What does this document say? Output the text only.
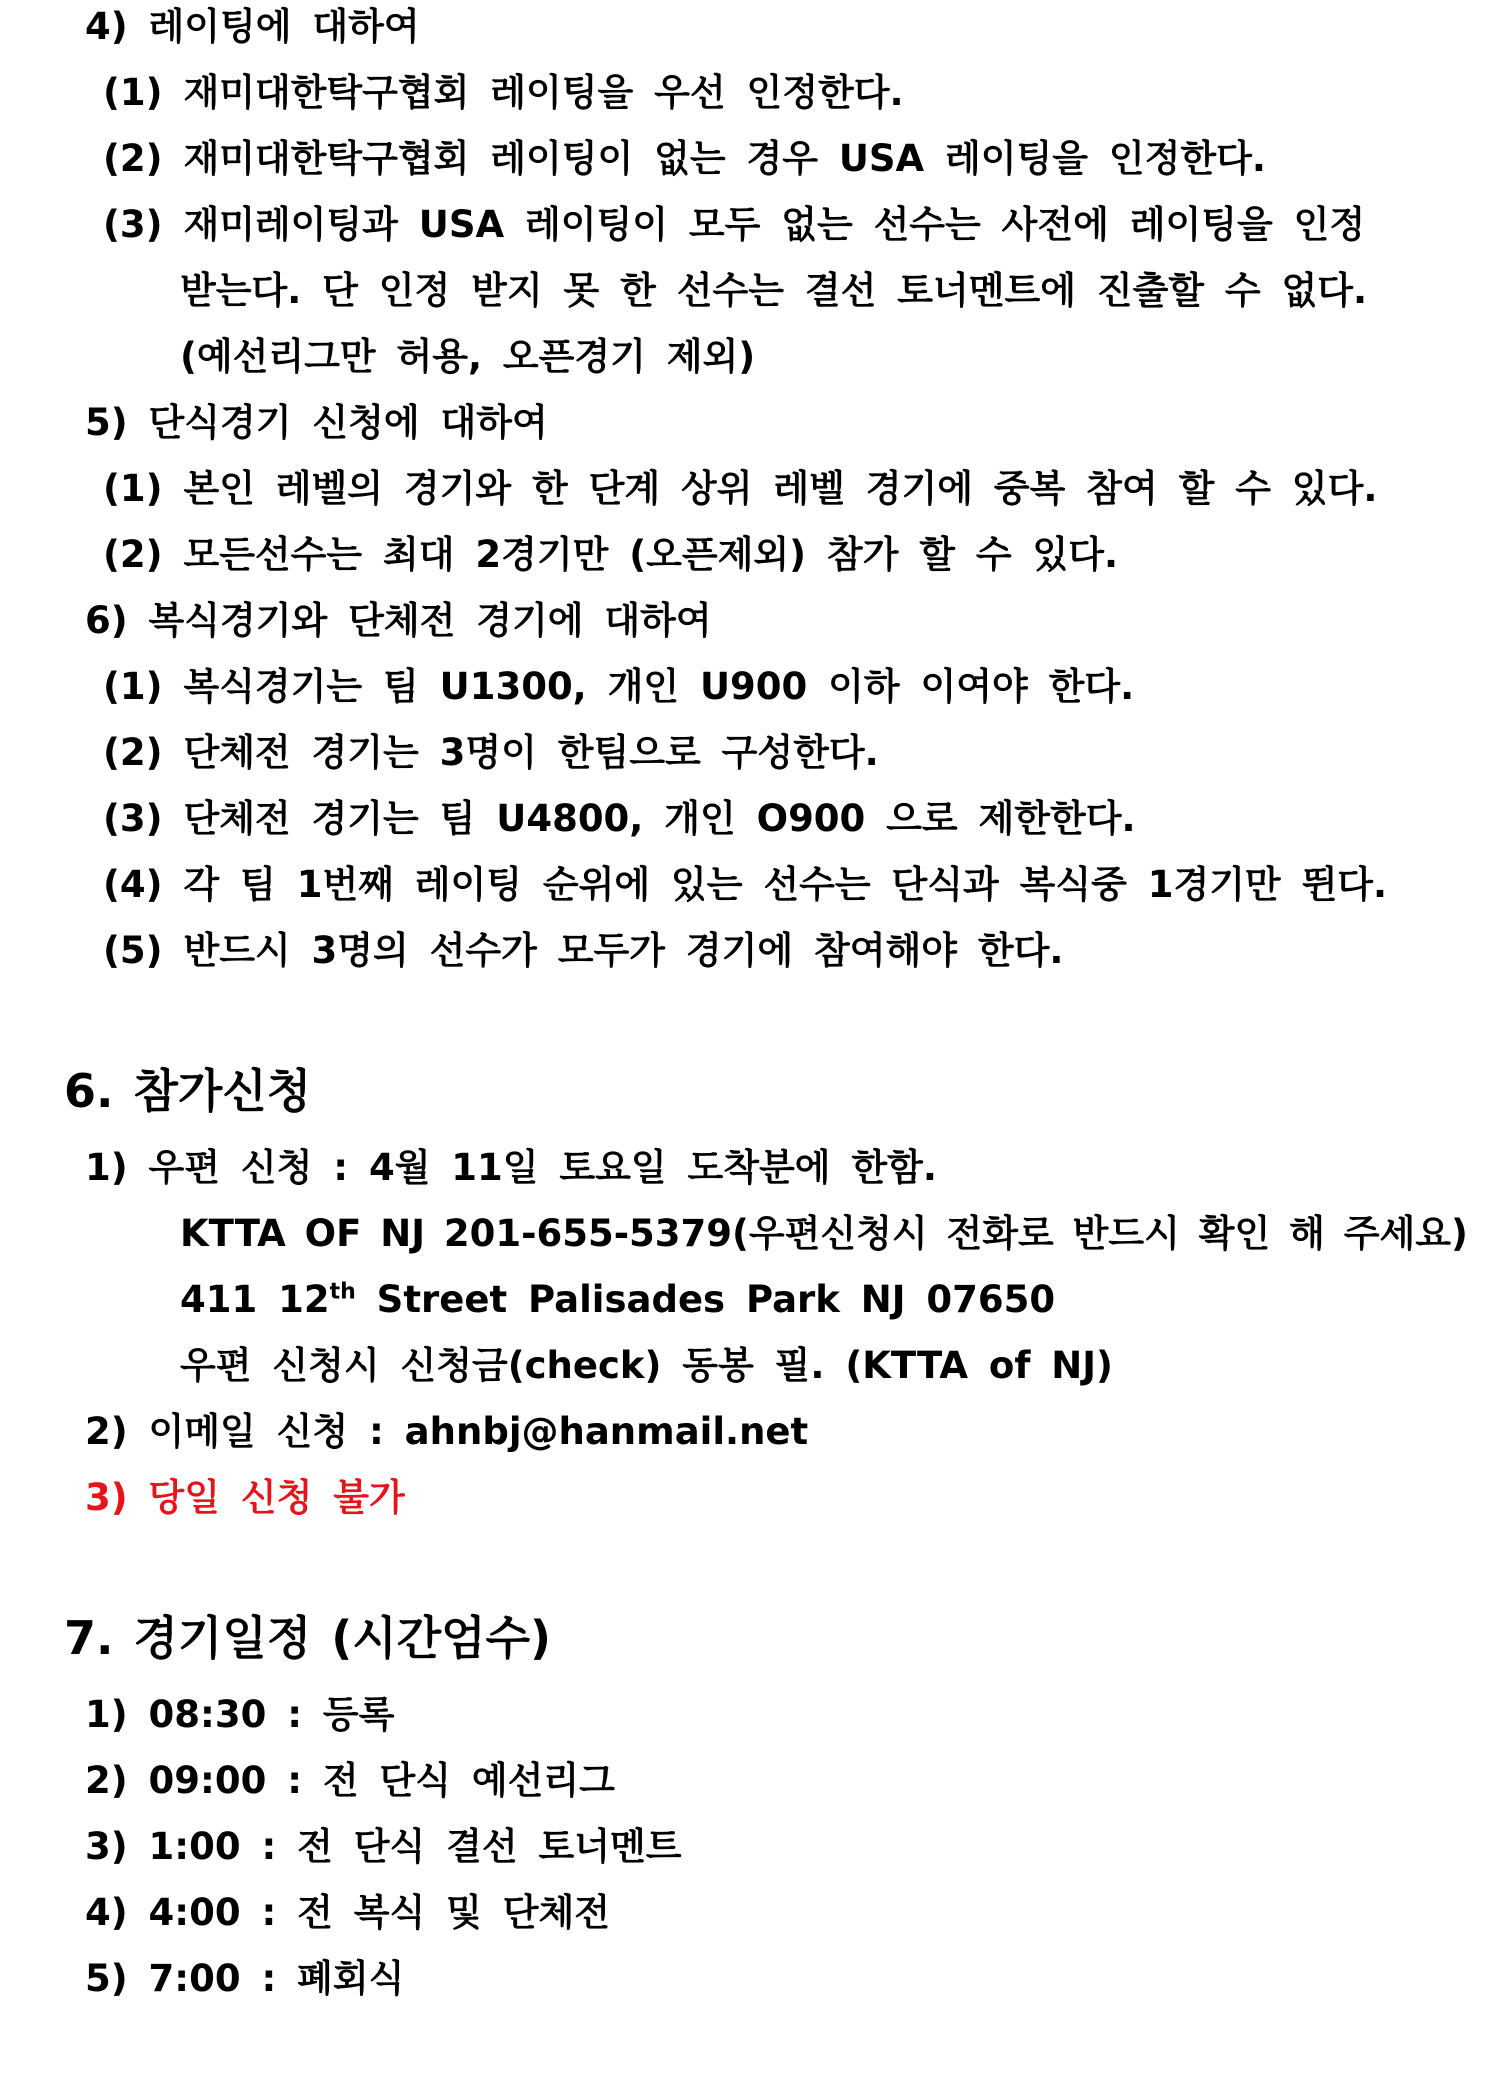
4) 레이팅에 대하여
(1) 재미대한탁구협회 레이팅을 우선 인정한다.
(2) 재미대한탁구협회 레이팅이 없는 경우 USA 레이팅을 인정한다.
(3) 재미레이팅과 USA 레이팅이 모두 없는 선수는 사전에 레이팅을 인정
받는다. 단 인정 받지 못 한 선수는 결선 토너멘트에 진출할 수 없다.
(예선리그만 허용, 오픈경기 제외)
5) 단식경기 신청에 대하여
(1) 본인 레벨의 경기와 한 단계 상위 레벨 경기에 중복 참여 할 수 있다.
(2) 모든선수는 최대 2경기만 (오픈제외) 참가 할 수 있다.
6) 복식경기와 단체전 경기에 대하여
(1) 복식경기는 팀 U1300, 개인 U900 이하 이여야 한다.
(2) 단체전 경기는 3명이 한팀으로 구성한다.
(3) 단체전 경기는 팀 U4800, 개인 O900 으로 제한한다.
(4) 각 팀 1번째 레이팅 순위에 있는 선수는 단식과 복식중 1경기만 뛴다.
(5) 반드시 3명의 선수가 모두가 경기에 참여해야 한다.
6. 참가신청
1) 우편 신청 : 4월 11일 토요일 도착분에 한함.
KTTA OF NJ 201-655-5379(우편신청시 전화로 반드시 확인 해 주세요)
411 12th Street Palisades Park NJ 07650
우편 신청시 신청금(check) 동봉 필. (KTTA of NJ)
2) 이메일 신청 : ahnbj@hanmail.net
3) 당일 신청 불가
7. 경기일정 (시간엄수)
1) 08:30 : 등록
2) 09:00 : 전 단식 예선리그
3) 1:00 : 전 단식 결선 토너멘트
4) 4:00 : 전 복식 및 단체전
5) 7:00 : 폐회식
